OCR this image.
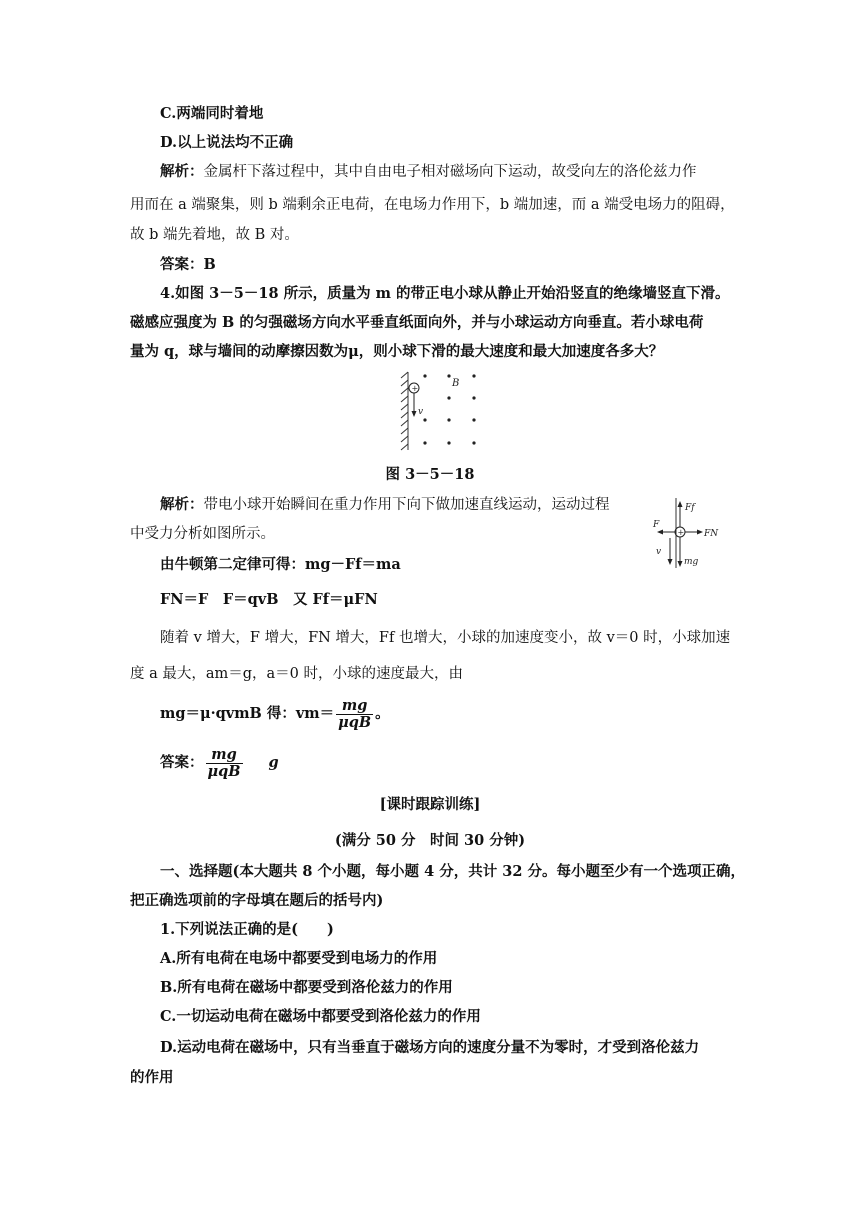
C.两端同时着地
D.以上说法均不正确
解析：金属杆下落过程中，其中自由电子相对磁场向下运动，故受向左的洛伦兹力作
用而在 a 端聚集，则 b 端剩余正电荷，在电场力作用下，b 端加速，而 a 端受电场力的阻碍，
故 b 端先着地，故 B 对。
答案：B
4.如图 3－5－18 所示，质量为 m 的带正电小球从静止开始沿竖直的绝缘墙竖直下滑。
磁感应强度为 B 的匀强磁场方向水平垂直纸面向外，并与小球运动方向垂直。若小球电荷
量为 q，球与墙间的动摩擦因数为μ，则小球下滑的最大速度和最大加速度各多大？
+
v
B
图 3－5－18
解析：带电小球开始瞬间在重力作用下向下做加速直线运动，运动过程
中受力分析如图所示。	+
Ff
F
FN
mg
v
由牛顿第二定律可得：mg－Ff＝ma
FN＝F　F＝qvB　又 Ff＝μFN
随着 v 增大，F 增大，FN 增大，Ff 也增大，小球的加速度变小，故 v＝0 时，小球加速
度 a 最大，am＝g，a＝0 时，小球的速度最大，由
mg＝μ·qvmB 得：$vm= \frac{mg}{\text{μqB}}$ 。
答案： $\frac{mg}{\text{μqB}}$ g
[课时跟踪训练]
(满分 50 分　时间 30 分钟)
一、选择题(本大题共 8 个小题，每小题 4 分，共计 32 分。每小题至少有一个选项正确，
把正确选项前的字母填在题后的括号内)
1.下列说法正确的是(　　)
A.所有电荷在电场中都要受到电场力的作用
B.所有电荷在磁场中都要受到洛伦兹力的作用
C.一切运动电荷在磁场中都要受到洛伦兹力的作用
D.运动电荷在磁场中，只有当垂直于磁场方向的速度分量不为零时，才受到洛伦兹力
的作用
